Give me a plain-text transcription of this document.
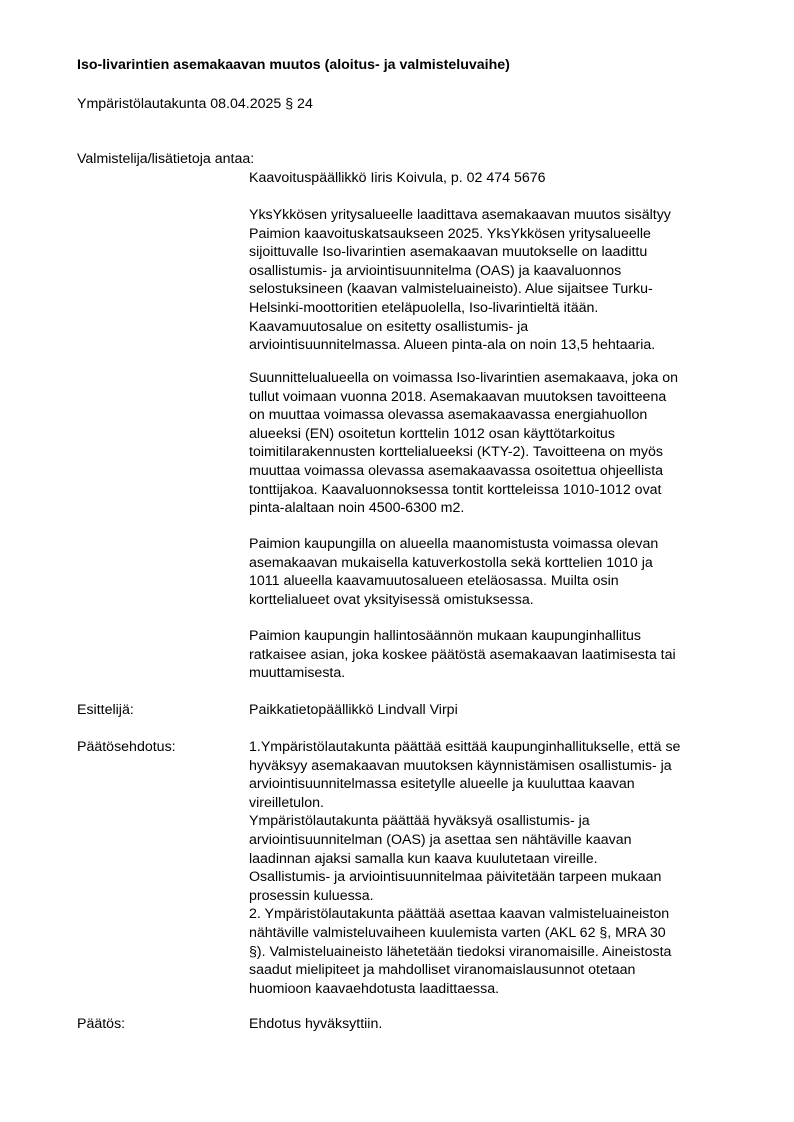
Iso-livarintien asemakaavan muutos (aloitus- ja valmisteluvaihe)
Ympäristölautakunta 08.04.2025 § 24
Valmistelija/lisätietoja antaa:
Kaavoituspäällikkö Iiris Koivula, p. 02 474 5676
YksYkkösen yritysalueelle laadittava asemakaavan muutos sisältyy
Paimion kaavoituskatsaukseen 2025. YksYkkösen yritysalueelle
sijoittuvalle Iso-livarintien asemakaavan muutokselle on laadittu
osallistumis- ja arviointisuunnitelma (OAS) ja kaavaluonnos
selostuksineen (kaavan valmisteluaineisto). Alue sijaitsee Turku-
Helsinki-moottoritien eteläpuolella, Iso-livarintieltä itään.
Kaavamuutosalue on esitetty osallistumis- ja
arviointisuunnitelmassa. Alueen pinta-ala on noin 13,5 hehtaaria.
Suunnittelualueella on voimassa Iso-livarintien asemakaava, joka on
tullut voimaan vuonna 2018. Asemakaavan muutoksen tavoitteena
on muuttaa voimassa olevassa asemakaavassa energiahuollon
alueeksi (EN) osoitetun korttelin 1012 osan käyttötarkoitus
toimitilarakennusten korttelialueeksi (KTY-2). Tavoitteena on myös
muuttaa voimassa olevassa asemakaavassa osoitettua ohjeellista
tonttijakoa. Kaavaluonnoksessa tontit kortteleissa 1010-1012 ovat
pinta-alaltaan noin 4500-6300 m2.
Paimion kaupungilla on alueella maanomistusta voimassa olevan
asemakaavan mukaisella katuverkostolla sekä korttelien 1010 ja
1011 alueella kaavamuutosalueen eteläosassa. Muilta osin
korttelialueet ovat yksityisessä omistuksessa.
Paimion kaupungin hallintosäännön mukaan kaupunginhallitus
ratkaisee asian, joka koskee päätöstä asemakaavan laatimisesta tai
muuttamisesta.
Esittelijä:	Paikkatietopäällikkö Lindvall Virpi
Päätösehdotus:	1.Ympäristölautakunta päättää esittää kaupunginhallitukselle, että se
hyväksyy asemakaavan muutoksen käynnistämisen osallistumis- ja
arviointisuunnitelmassa esitetylle alueelle ja kuuluttaa kaavan
vireilletulon.
Ympäristölautakunta päättää hyväksyä osallistumis- ja
arviointisuunnitelman (OAS) ja asettaa sen nähtäville kaavan
laadinnan ajaksi samalla kun kaava kuulutetaan vireille.
Osallistumis- ja arviointisuunnitelmaa päivitetään tarpeen mukaan
prosessin kuluessa.
2. Ympäristölautakunta päättää asettaa kaavan valmisteluaineiston
nähtäville valmisteluvaiheen kuulemista varten (AKL 62 §, MRA 30
§). Valmisteluaineisto lähetetään tiedoksi viranomaisille. Aineistosta
saadut mielipiteet ja mahdolliset viranomaislausunnot otetaan
huomioon kaavaehdotusta laadittaessa.
Päätös:	Ehdotus hyväksyttiin.
